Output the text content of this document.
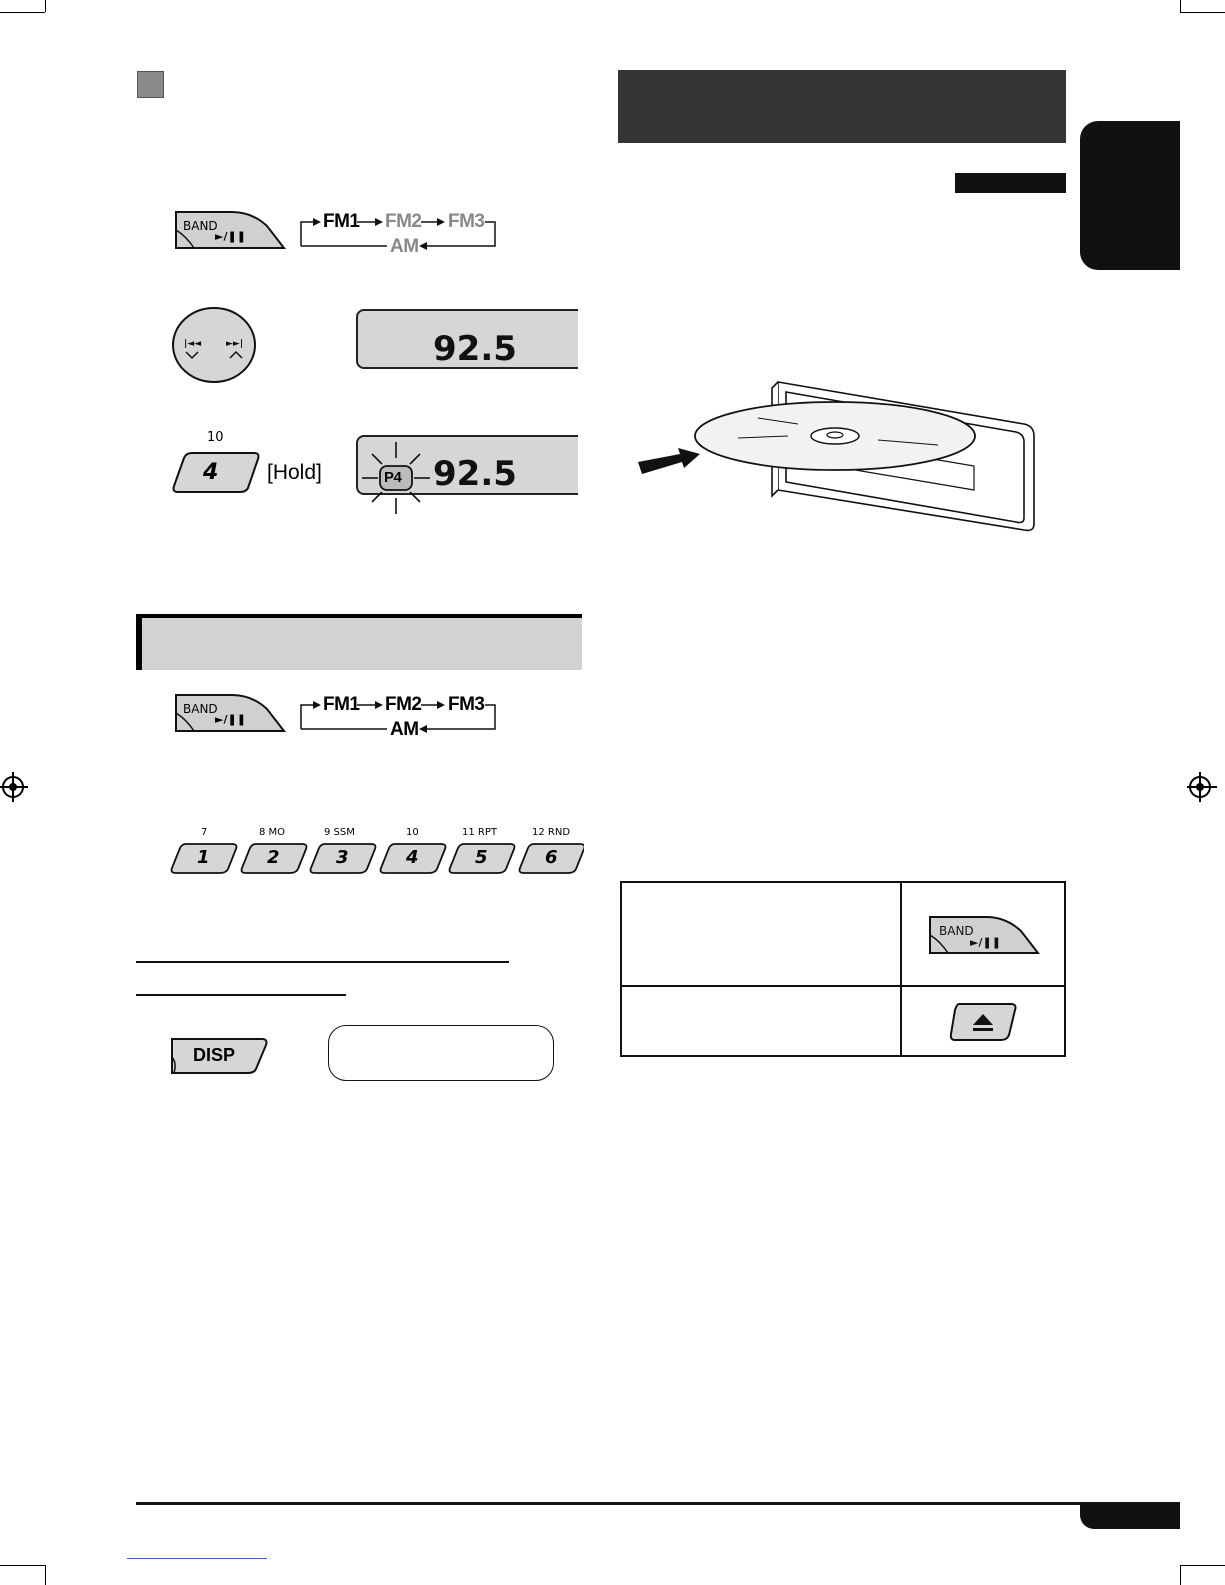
BAND
►/❚❚
FM1 FM2 FM3
AM
|◄◄	►►|	92.5
10
4 [Hold]	P4 92.5
BAND
►/❚❚
FM1 FM2 FM3
AM
7	8 MO	9 SSM	10	11 RPT	12 RND
1	2	3	4	5	6
DISP

BAND
►/❚❚
